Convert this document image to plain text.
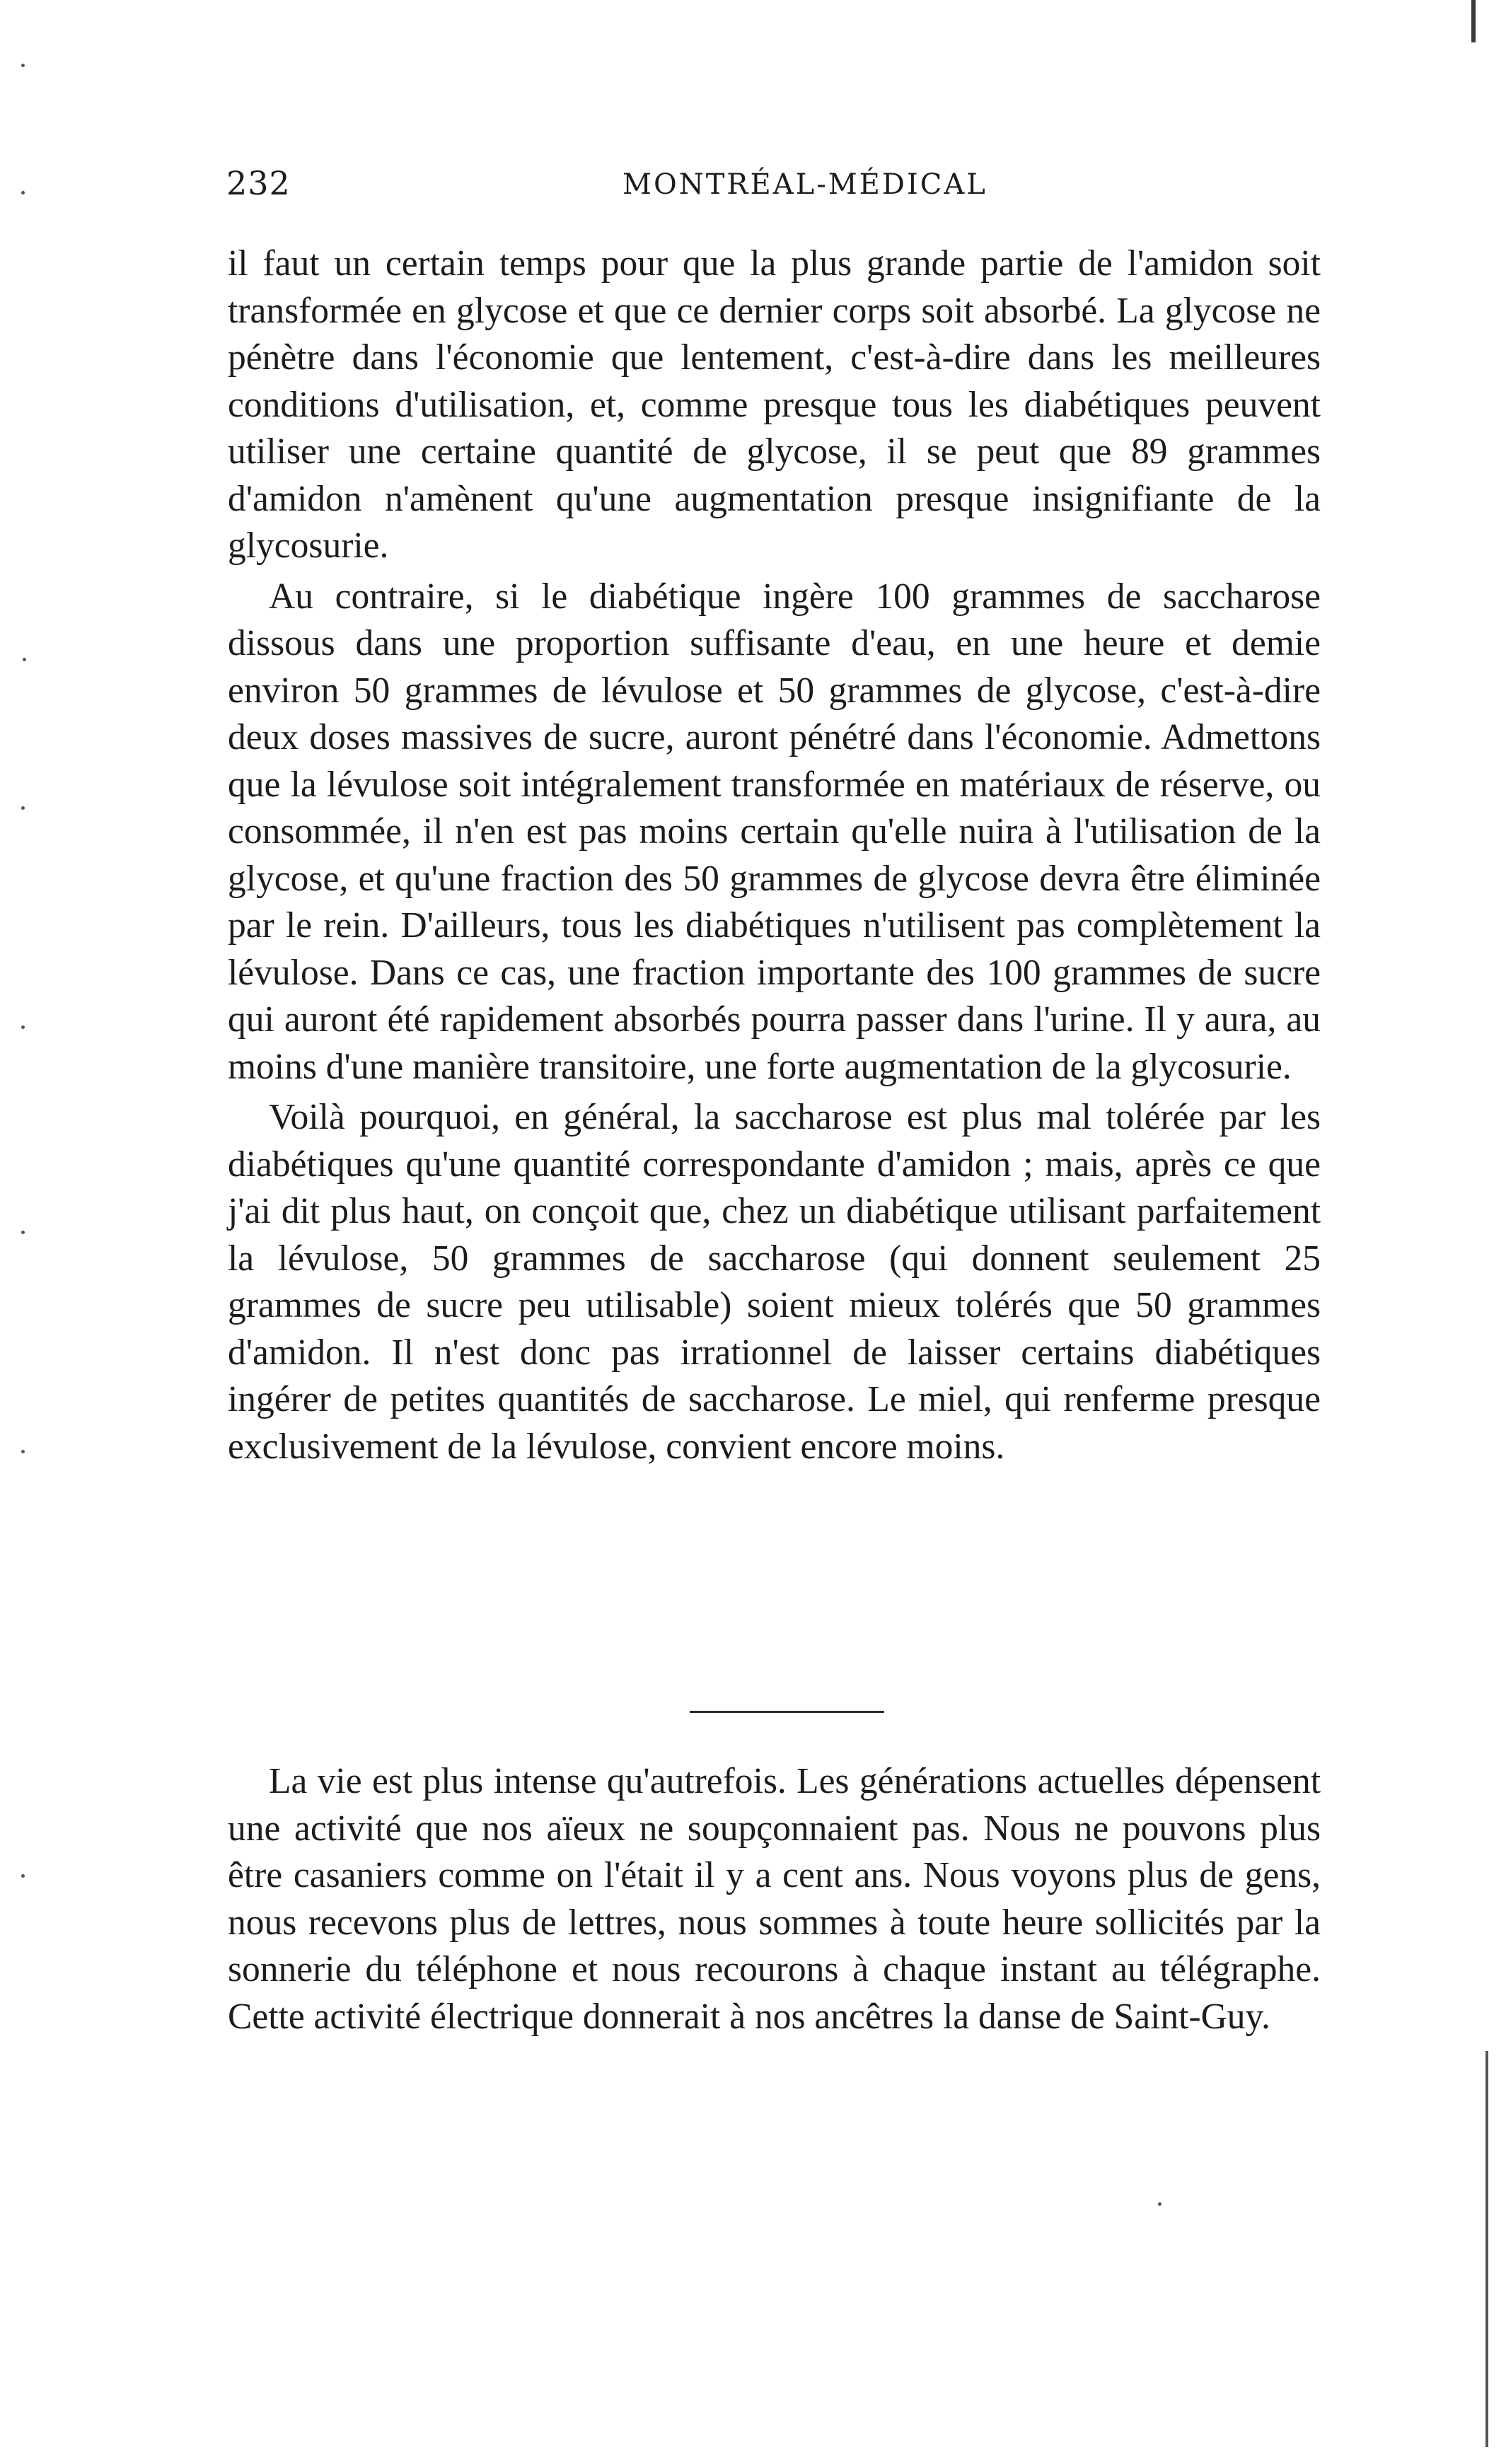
232	MONTRÉAL-MÉDICAL

il faut un certain temps pour que la plus grande partie de l'amidon soit transformée en glycose et que ce dernier corps soit absorbé. La glycose ne pénètre dans l'économie que lentement, c'est-à-dire dans les meilleures conditions d'utilisation, et, comme presque tous les diabétiques peuvent utiliser une certaine quantité de glycose, il se peut que 89 grammes d'amidon n'amènent qu'une augmentation presque insignifiante de la glycosurie.

Au contraire, si le diabétique ingère 100 grammes de saccharose dissous dans une proportion suffisante d'eau, en une heure et demie environ 50 grammes de lévulose et 50 grammes de glycose, c'est-à-dire deux doses massives de sucre, auront pénétré dans l'économie. Admettons que la lévulose soit intégralement transformée en matériaux de réserve, ou consommée, il n'en est pas moins certain qu'elle nuira à l'utilisation de la glycose, et qu'une fraction des 50 grammes de glycose devra être éliminée par le rein. D'ailleurs, tous les diabétiques n'utilisent pas complètement la lévulose. Dans ce cas, une fraction importante des 100 grammes de sucre qui auront été rapidement absorbés pourra passer dans l'urine. Il y aura, au moins d'une manière transitoire, une forte augmentation de la glycosurie.

Voilà pourquoi, en général, la saccharose est plus mal tolérée par les diabétiques qu'une quantité correspondante d'amidon ; mais, après ce que j'ai dit plus haut, on conçoit que, chez un diabétique utilisant parfaitement la lévulose, 50 grammes de saccharose (qui donnent seulement 25 grammes de sucre peu utilisable) soient mieux tolérés que 50 grammes d'amidon. Il n'est donc pas irrationnel de laisser certains diabétiques ingérer de petites quantités de saccharose. Le miel, qui renferme presque exclusivement de la lévulose, convient encore moins.

La vie est plus intense qu'autrefois. Les générations actuelles dépensent une activité que nos aïeux ne soupçonnaient pas. Nous ne pouvons plus être casaniers comme on l'était il y a cent ans. Nous voyons plus de gens, nous recevons plus de lettres, nous sommes à toute heure sollicités par la sonnerie du téléphone et nous recourons à chaque instant au télégraphe. Cette activité électrique donnerait à nos ancêtres la danse de Saint-Guy.
